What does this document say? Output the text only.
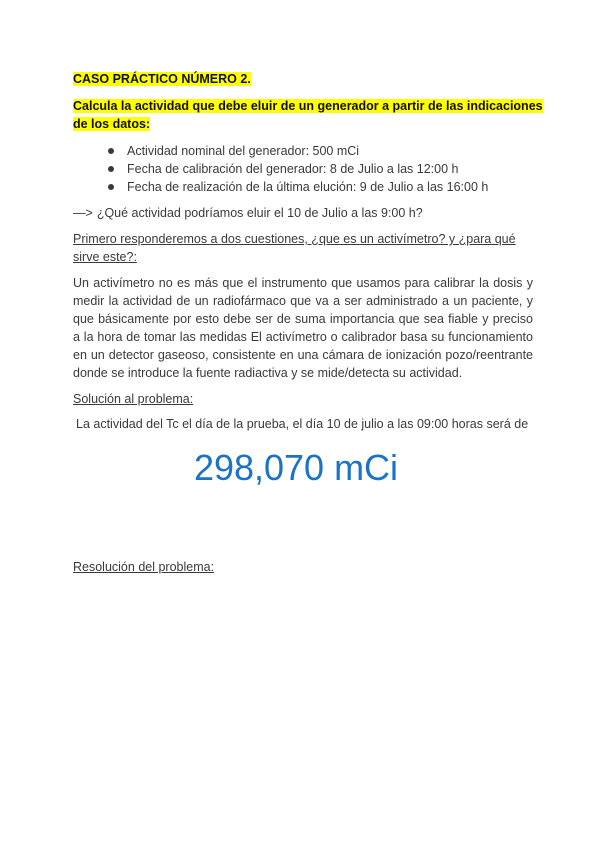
CASO PRÁCTICO NÚMERO 2.
Calcula la actividad que debe eluir de un generador a partir de las indicaciones de los datos:
Actividad nominal del generador: 500 mCi
Fecha de calibración del generador: 8 de Julio a las 12:00 h
Fecha de realización de la última elución: 9 de Julio a las 16:00 h
—> ¿Qué actividad podríamos eluir el 10 de Julio a las 9:00 h?
Primero responderemos a dos cuestiones, ¿que es un activímetro? y ¿para qué sirve este?:
Un activímetro no es más que el instrumento que usamos para calibrar la dosis y medir la actividad de un radiofármaco que va a ser administrado a un paciente, y que básicamente por esto debe ser de suma importancia que sea fiable y preciso a la hora de tomar las medidas El activímetro o calibrador basa su funcionamiento en un detector gaseoso, consistente en una cámara de ionización pozo/reentrante donde se introduce la fuente radiactiva y se mide/detecta su actividad.
Solución al problema:
La actividad del Tc el día de la prueba, el día 10 de julio a las 09:00 horas será de
298,070 mCi
Resolución del problema:
